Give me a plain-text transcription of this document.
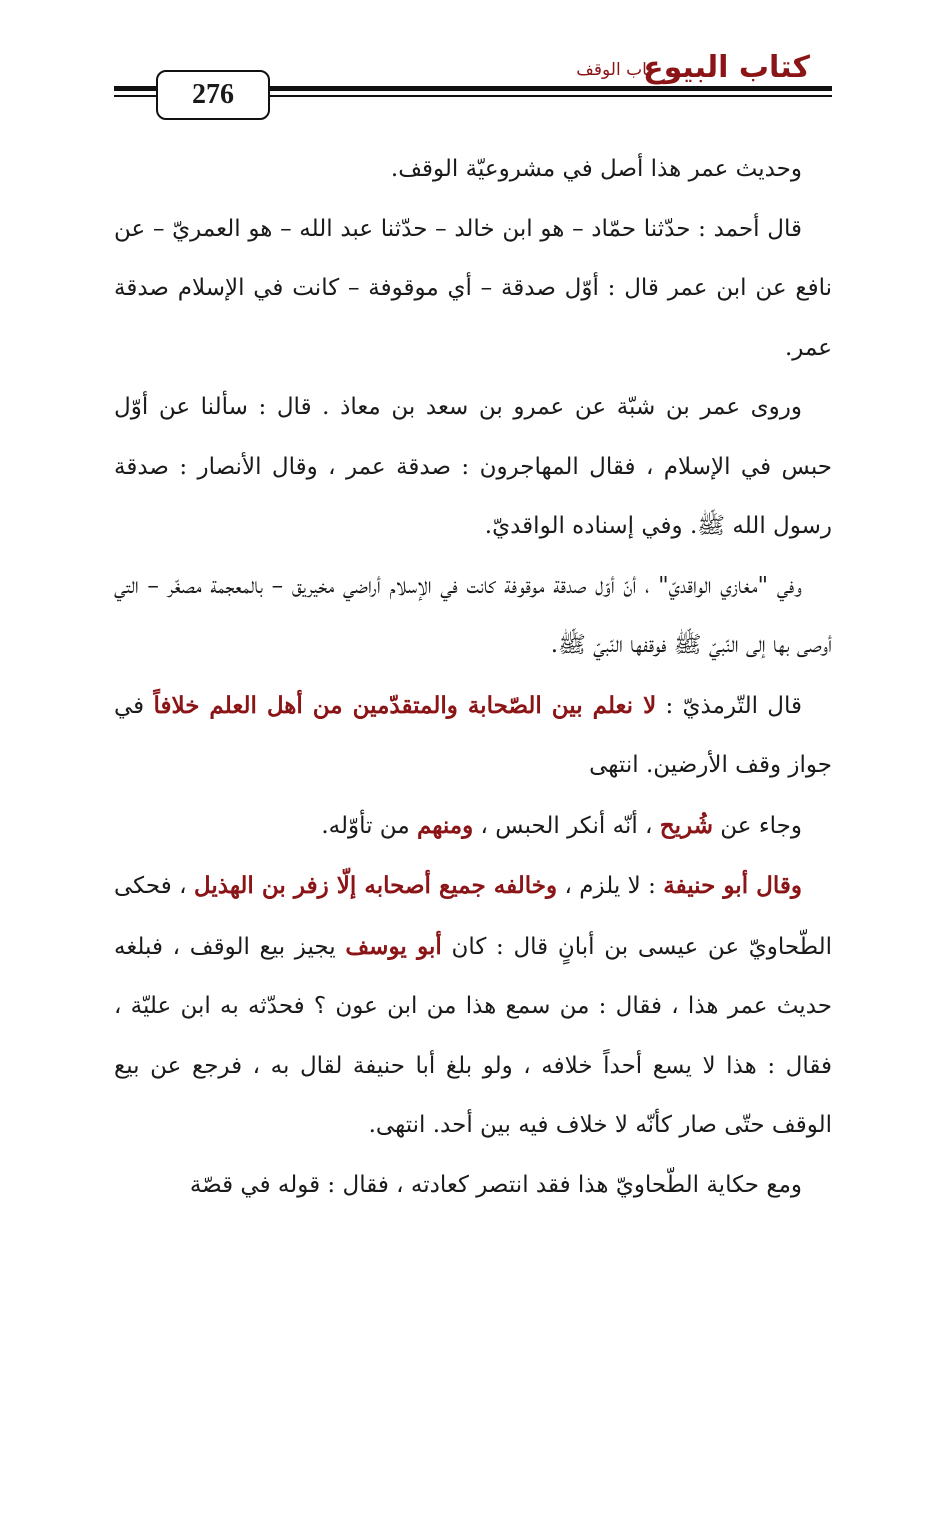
كتاب البيوع
باب الوقف
276

وحديث عمر هذا أصل في مشروعيّة الوقف.

قال أحمد : حدّثنا حمّاد – هو ابن خالد – حدّثنا عبد الله – هو العمريّ – عن نافع عن ابن عمر قال : أوّل صدقة – أي موقوفة – كانت في الإسلام صدقة عمر.

وروى عمر بن شبّة عن عمرو بن سعد بن معاذ . قال : سألنا عن أوّل حبس في الإسلام ، فقال المهاجرون : صدقة عمر ، وقال الأنصار : صدقة رسول الله ﷺ. وفي إسناده الواقديّ.

وفي "مغازي الواقديّ" ، أنّ أوّل صدقة موقوفة كانت في الإسلام أراضي مخيريق – بالمعجمة مصغّر – التي أوصى بها إلى النّبيّ ﷺ فوقفها النّبيّ ﷺ.

قال التّرمذيّ : لا نعلم بين الصّحابة والمتقدّمين من أهل العلم خلافاً في جواز وقف الأرضين. انتهى

وجاء عن شُريح ، أنّه أنكر الحبس ، ومنهم من تأوّله.

وقال أبو حنيفة : لا يلزم ، وخالفه جميع أصحابه إلّا زفر بن الهذيل ، فحكى الطّحاويّ عن عيسى بن أبانٍ قال : كان أبو يوسف يجيز بيع الوقف ، فبلغه حديث عمر هذا ، فقال : من سمع هذا من ابن عون ؟ فحدّثه به ابن عليّة ، فقال : هذا لا يسع أحداً خلافه ، ولو بلغ أبا حنيفة لقال به ، فرجع عن بيع الوقف حتّى صار كأنّه لا خلاف فيه بين أحد. انتهى.

ومع حكاية الطّحاويّ هذا فقد انتصر كعادته ، فقال : قوله في قصّة
